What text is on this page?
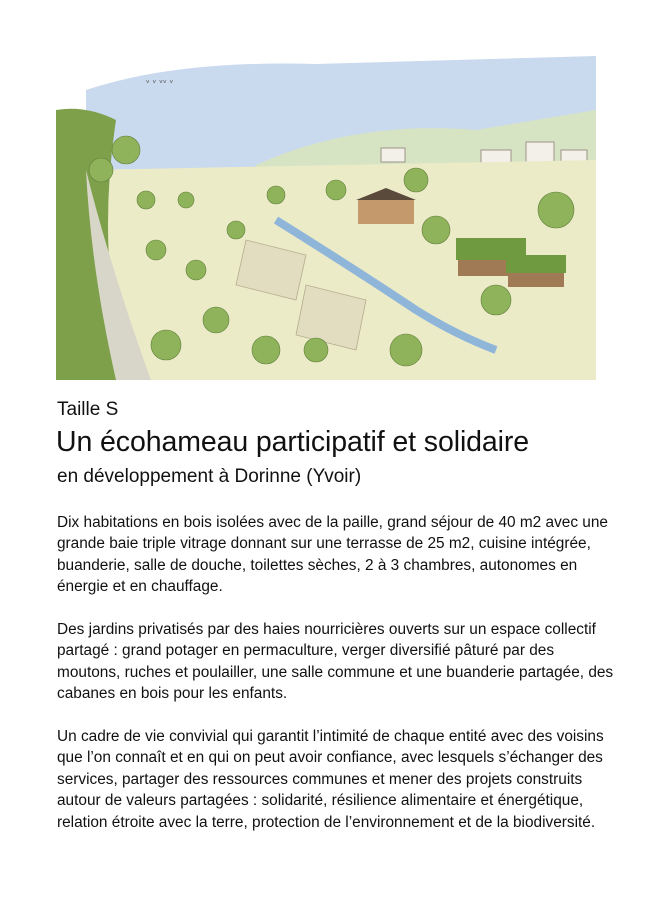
ᵛ ᵛ ᵛᵛ ᵛ
Taille S
Un écohameau participatif et solidaire
en développement à Dorinne (Yvoir)

Dix habitations en bois isolées avec de la paille, grand séjour de 40 m2 avec une grande baie triple vitrage donnant sur une terrasse de 25 m2, cuisine intégrée, buanderie, salle de douche, toilettes sèches, 2 à 3 chambres, autonomes en énergie et en chauffage.

Des jardins privatisés par des haies nourricières ouverts sur un espace collectif partagé : grand potager en permaculture, verger diversifié pâturé par des moutons, ruches et poulailler, une salle commune et une buanderie partagée, des cabanes en bois pour les enfants.

Un cadre de vie convivial qui garantit l’intimité de chaque entité avec des voisins que l’on connaît et en qui on peut avoir confiance, avec lesquels s’échanger des services, partager des ressources communes et mener des projets construits autour de valeurs partagées : solidarité, résilience alimentaire et énergétique, relation étroite avec la terre, protection de l’environnement et de la biodiversité.
